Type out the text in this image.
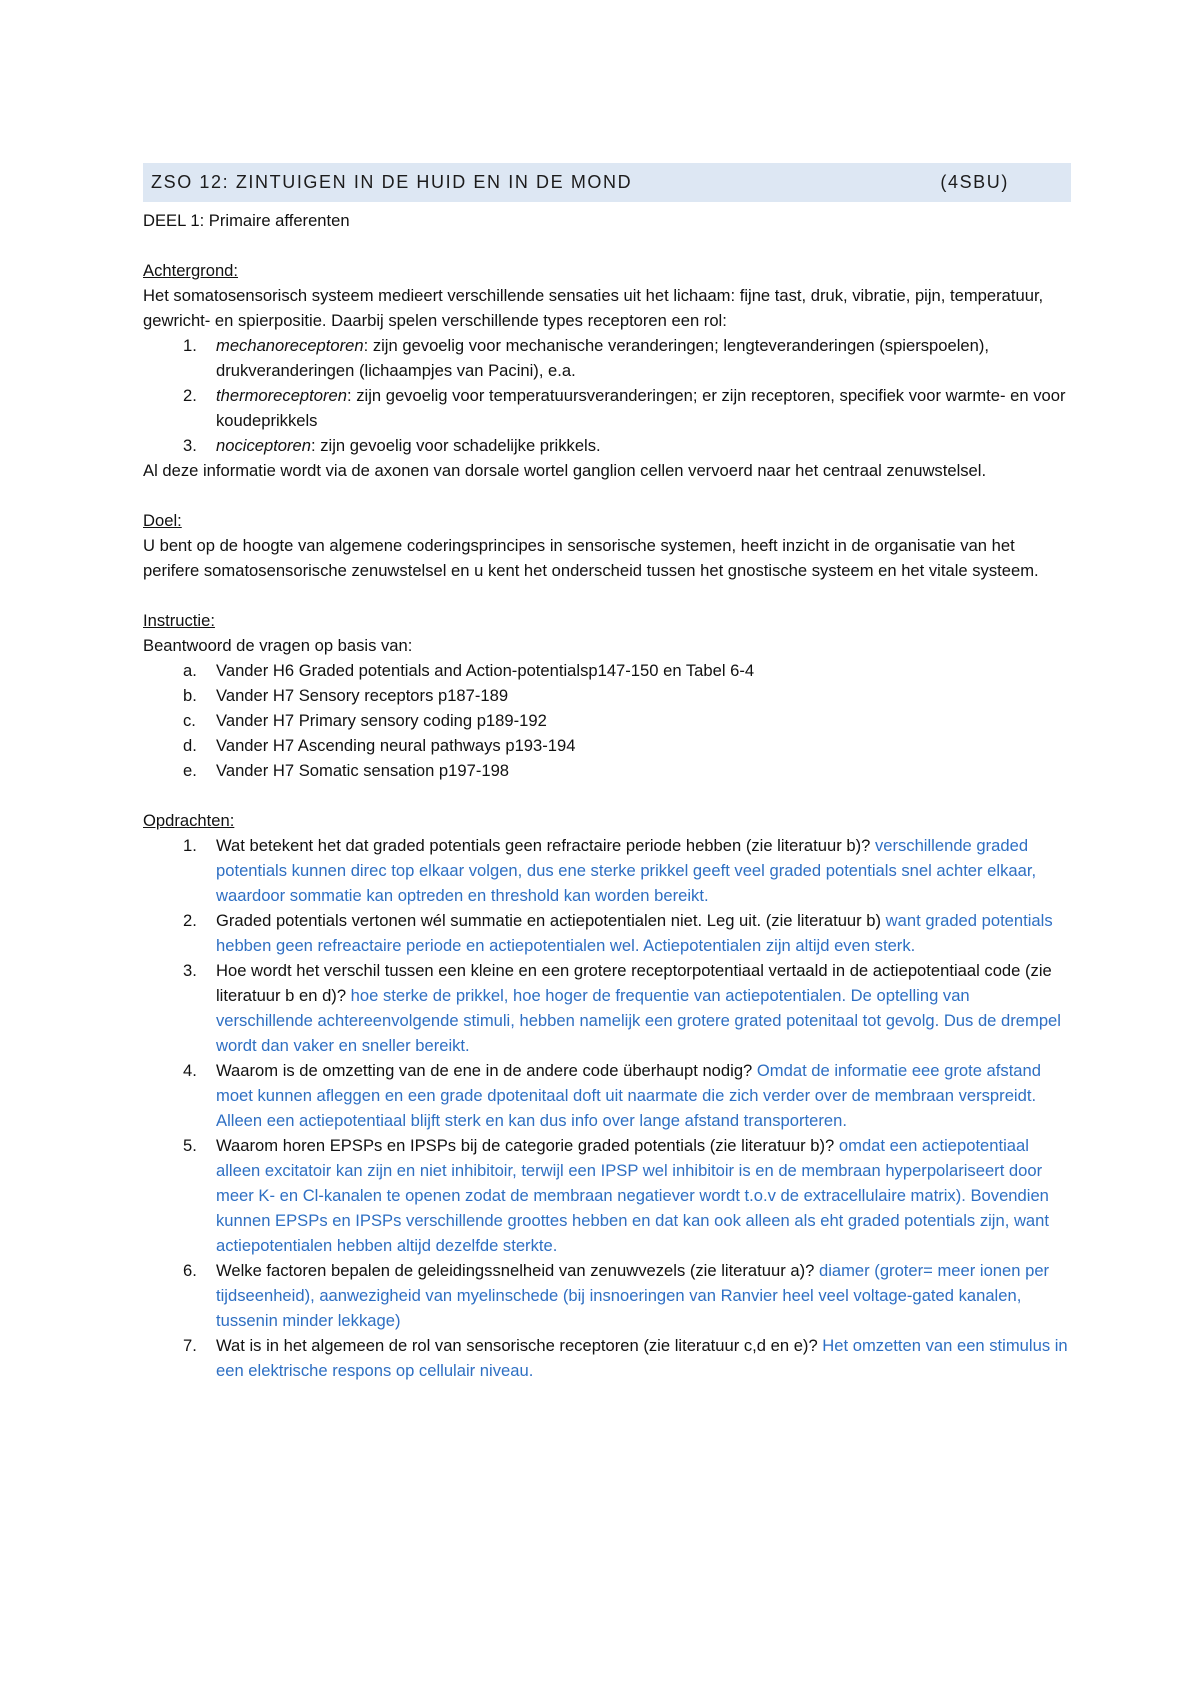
ZSO 12: ZINTUIGEN IN DE HUID EN IN DE MOND	(4SBU)

DEEL 1: Primaire afferenten

Achtergrond:

Het somatosensorisch systeem medieert verschillende sensaties uit het lichaam: fijne tast, druk, vibratie, pijn, temperatuur, gewricht- en spierpositie. Daarbij spelen verschillende types receptoren een rol:

1. mechanoreceptoren: zijn gevoelig voor mechanische veranderingen; lengteveranderingen (spierspoelen), drukveranderingen (lichaampjes van Pacini), e.a.
2. thermoreceptoren: zijn gevoelig voor temperatuursveranderingen; er zijn receptoren, specifiek voor warmte- en voor koudeprikkels
3. nociceptoren: zijn gevoelig voor schadelijke prikkels.

Al deze informatie wordt via de axonen van dorsale wortel ganglion cellen vervoerd naar het centraal zenuwstelsel.

Doel:

U bent op de hoogte van algemene coderingsprincipes in sensorische systemen, heeft inzicht in de organisatie van het perifere somatosensorische zenuwstelsel en u kent het onderscheid tussen het gnostische systeem en het vitale systeem.

Instructie:

Beantwoord de vragen op basis van:

a. Vander H6 Graded potentials and Action-potentialsp147-150 en Tabel 6-4
b. Vander H7 Sensory receptors p187-189
c. Vander H7 Primary sensory coding p189-192
d. Vander H7 Ascending neural pathways p193-194
e. Vander H7 Somatic sensation p197-198

Opdrachten:

1. Wat betekent het dat graded potentials geen refractaire periode hebben (zie literatuur b)? verschillende graded potentials kunnen direc top elkaar volgen, dus ene sterke prikkel geeft veel graded potentials snel achter elkaar, waardoor sommatie kan optreden en threshold kan worden bereikt.
2. Graded potentials vertonen wél summatie en actiepotentialen niet. Leg uit. (zie literatuur b) want graded potentials hebben geen refreactaire periode en actiepotentialen wel. Actiepotentialen zijn altijd even sterk.
3. Hoe wordt het verschil tussen een kleine en een grotere receptorpotentiaal vertaald in de actiepotentiaal code (zie literatuur b en d)? hoe sterke de prikkel, hoe hoger de frequentie van actiepotentialen. De optelling van verschillende achtereenvolgende stimuli, hebben namelijk een grotere grated potenitaal tot gevolg. Dus de drempel wordt dan vaker en sneller bereikt.
4. Waarom is de omzetting van de ene in de andere code überhaupt nodig? Omdat de informatie eee grote afstand moet kunnen afleggen en een grade dpotenitaal doft uit naarmate die zich verder over de membraan verspreidt. Alleen een actiepotentiaal blijft sterk en kan dus info over lange afstand transporteren.
5. Waarom horen EPSPs en IPSPs bij de categorie graded potentials (zie literatuur b)? omdat een actiepotentiaal alleen excitatoir kan zijn en niet inhibitoir, terwijl een IPSP wel inhibitoir is en de membraan hyperpolariseert door meer K- en Cl-kanalen te openen zodat de membraan negatiever wordt t.o.v de extracellulaire matrix). Bovendien kunnen EPSPs en IPSPs verschillende groottes hebben en dat kan ook alleen als eht graded potentials zijn, want actiepotentialen hebben altijd dezelfde sterkte.
6. Welke factoren bepalen de geleidingssnelheid van zenuwvezels (zie literatuur a)? diamer (groter= meer ionen per tijdseenheid), aanwezigheid van myelinschede (bij insnoeringen van Ranvier heel veel voltage-gated kanalen, tussenin minder lekkage)
7. Wat is in het algemeen de rol van sensorische receptoren (zie literatuur c,d en e)? Het omzetten van een stimulus in een elektrische respons op cellulair niveau.
